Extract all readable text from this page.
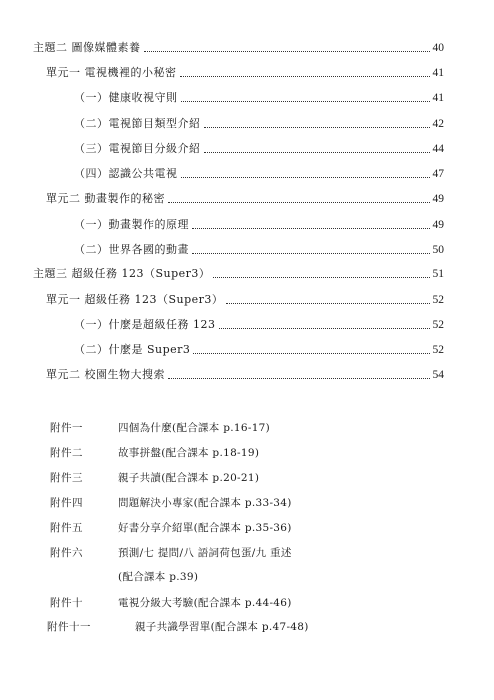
主題二 圖像媒體素養	40
單元一 電視機裡的小秘密	41
（一）健康收視守則	41
（二）電視節目類型介紹	42
（三）電視節目分級介紹	44
（四）認識公共電視	47
單元二 動畫製作的秘密	49
（一）動畫製作的原理	49
（二）世界各國的動畫	50
主題三 超級任務 123（Super3）	51
單元一 超級任務 123（Super3）	52
（一）什麼是超級任務 123	52
（二）什麼是 Super3	52
單元二 校園生物大搜索	54
附件一	四個為什麼(配合課本 p.16-17)
附件二	故事拼盤(配合課本 p.18-19)
附件三	親子共讀(配合課本 p.20-21)
附件四	問題解決小專家(配合課本 p.33-34)
附件五	好書分享介紹單(配合課本 p.35-36)
附件六	預測/七 提問/八 語詞荷包蛋/九 重述
(配合課本 p.39)
附件十	電視分級大考驗(配合課本 p.44-46)
附件十一	親子共識學習單(配合課本 p.47-48)
